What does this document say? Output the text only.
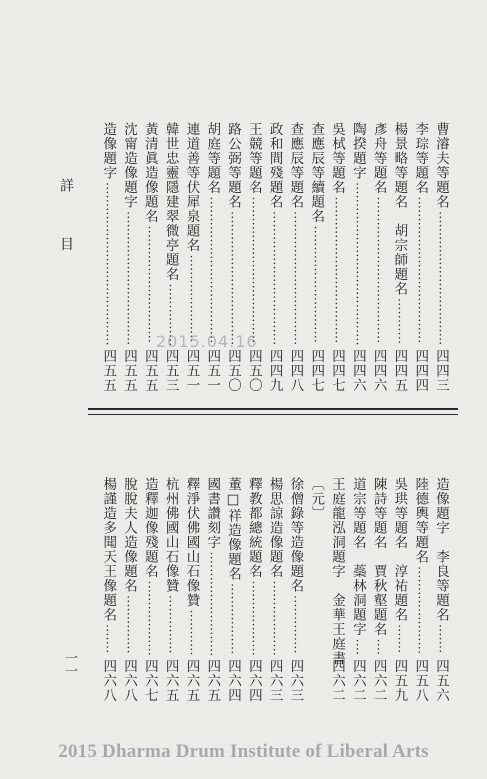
詳 目
曹濬夫等題名
四四三
李琮等題名
四四四
楊景略等題名　胡宗師題名
四四五
彥舟等題名
四四六
陶揆題字
四四六
吳栻等題名
四四七
查應辰等續題名
四四七
查應辰等題名
四四八
政和間殘題名
四四九
王競等題名
四五〇
路公弼等題名
四五〇
胡庭等題名
四五一
連道善等伏犀泉題名
四五一
韓世忠靈隱建翠微亭題名
四五三
黃清眞造像題名
四五五
沈甯造像題字
四五五
造像題字
四五五
造像題字　李良等題名
四五六
陸德輿等題名
四五八
吳珙等題名　淳祐題名
四五九
陳詩等題名　賈秋壑題名
四六二
道宗等題名　蘂林洞題字
四六二
王庭龍泓洞題字　金華王庭書
四六二
〔元〕
徐僧錄等造像題名
四六三
楊思諒造像題名
四六三
釋教都總統題名
四六四
董□祥造像題名
四六四
國書讚刻字
四六五
釋淨伏佛國山石像贊
四六五
杭州佛國山石像贊
四六五
造釋迦像殘題名
四六七
脫脫夫人造像題名
四六八
楊謹造多聞天王像題名
四六八
一一
2015.04.16
2015 Dharma Drum Institute of Liberal Arts
